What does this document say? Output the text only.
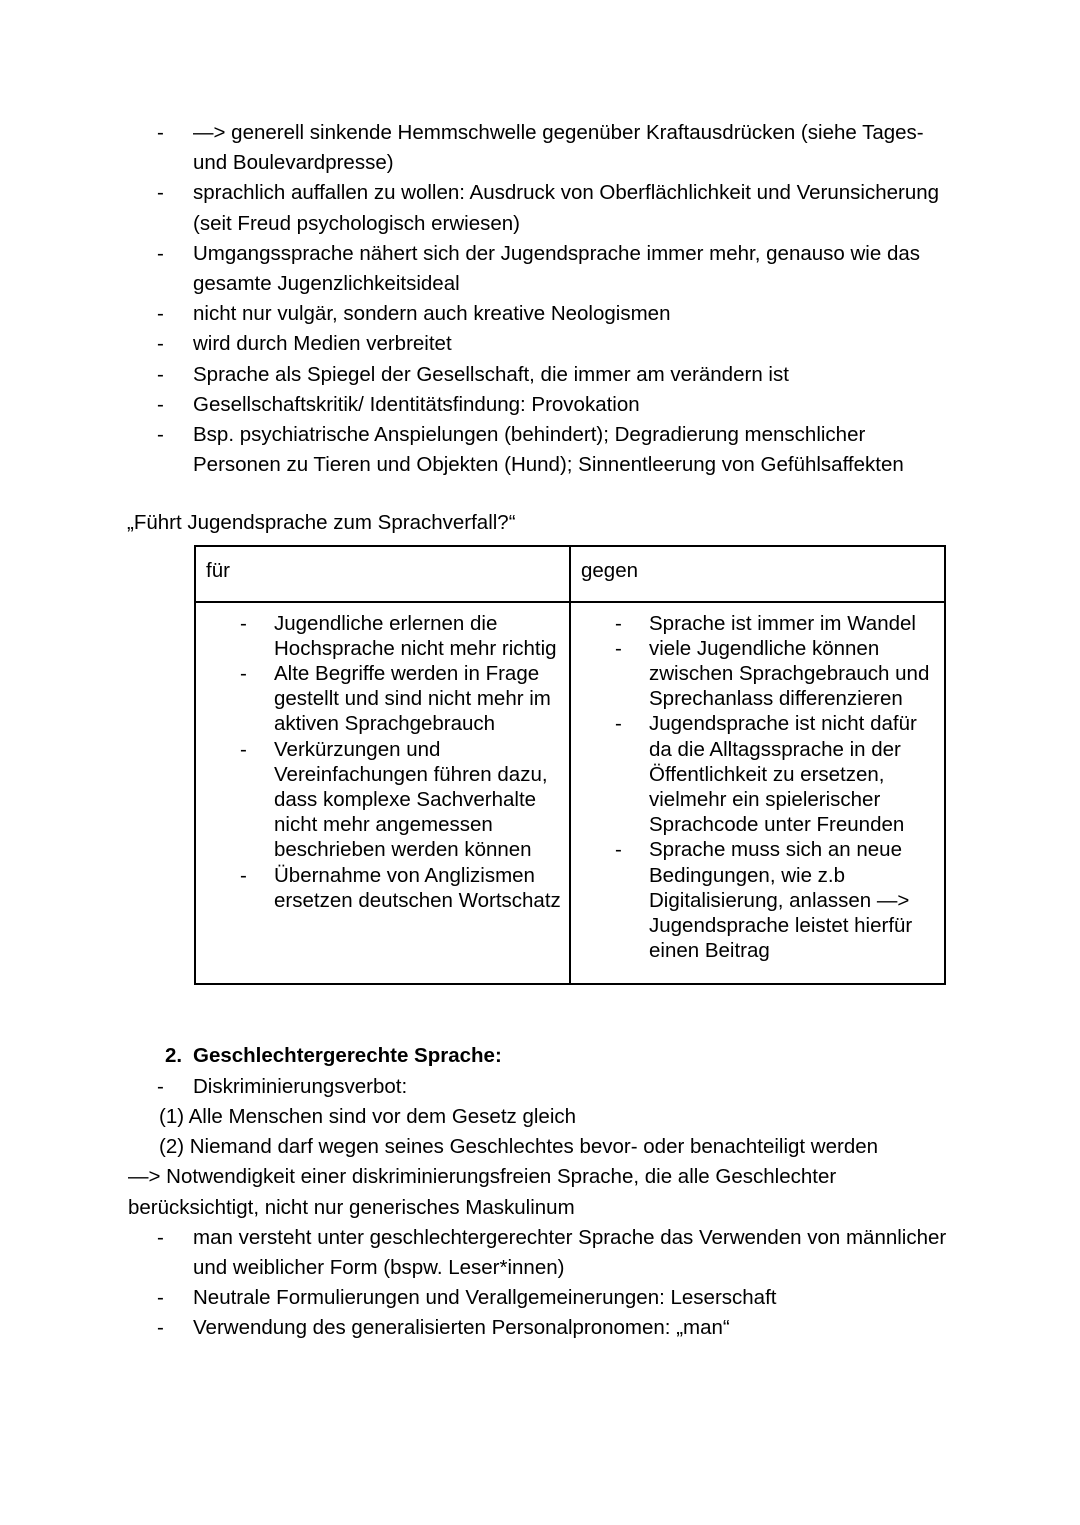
- —> generell sinkende Hemmschwelle gegenüber Kraftausdrücken (siehe Tages- und Boulevardpresse)
- sprachlich auffallen zu wollen: Ausdruck von Oberflächlichkeit und Verunsicherung (seit Freud psychologisch erwiesen)
- Umgangssprache nähert sich der Jugendsprache immer mehr, genauso wie das gesamte Jugenzlichkeitsideal
- nicht nur vulgär, sondern auch kreative Neologismen
- wird durch Medien verbreitet
- Sprache als Spiegel der Gesellschaft, die immer am verändern ist
- Gesellschaftskritik/ Identitätsfindung: Provokation
- Bsp. psychiatrische Anspielungen (behindert); Degradierung menschlicher Personen zu Tieren und Objekten (Hund); Sinnentleerung von Gefühlsaffekten
„Führt Jugendsprache zum Sprachverfall?“
für	gegen

- Jugendliche erlernen die Hochsprache nicht mehr richtig
- Alte Begriffe werden in Frage gestellt und sind nicht mehr im aktiven Sprachgebrauch
- Verkürzungen und Vereinfachungen führen dazu, dass komplexe Sachverhalte nicht mehr angemessen beschrieben werden können
- Übernahme von Anglizismen ersetzen deutschen Wortschatz

- Sprache ist immer im Wandel
- viele Jugendliche können zwischen Sprachgebrauch und Sprechanlass differenzieren
- Jugendsprache ist nicht dafür da die Alltagssprache in der Öffentlichkeit zu ersetzen, vielmehr ein spielerischer Sprachcode unter Freunden
- Sprache muss sich an neue Bedingungen, wie z.b Digitalisierung, anlassen —> Jugendsprache leistet hierfür einen Beitrag
2. Geschlechtergerechte Sprache:
- Diskriminierungsverbot:
(1) Alle Menschen sind vor dem Gesetz gleich
(2) Niemand darf wegen seines Geschlechtes bevor- oder benachteiligt werden
—> Notwendigkeit einer diskriminierungsfreien Sprache, die alle Geschlechter berücksichtigt, nicht nur generisches Maskulinum
- man versteht unter geschlechtergerechter Sprache das Verwenden von männlicher und weiblicher Form (bspw. Leser*innen)
- Neutrale Formulierungen und Verallgemeinerungen: Leserschaft
- Verwendung des generalisierten Personalpronomen: „man“
